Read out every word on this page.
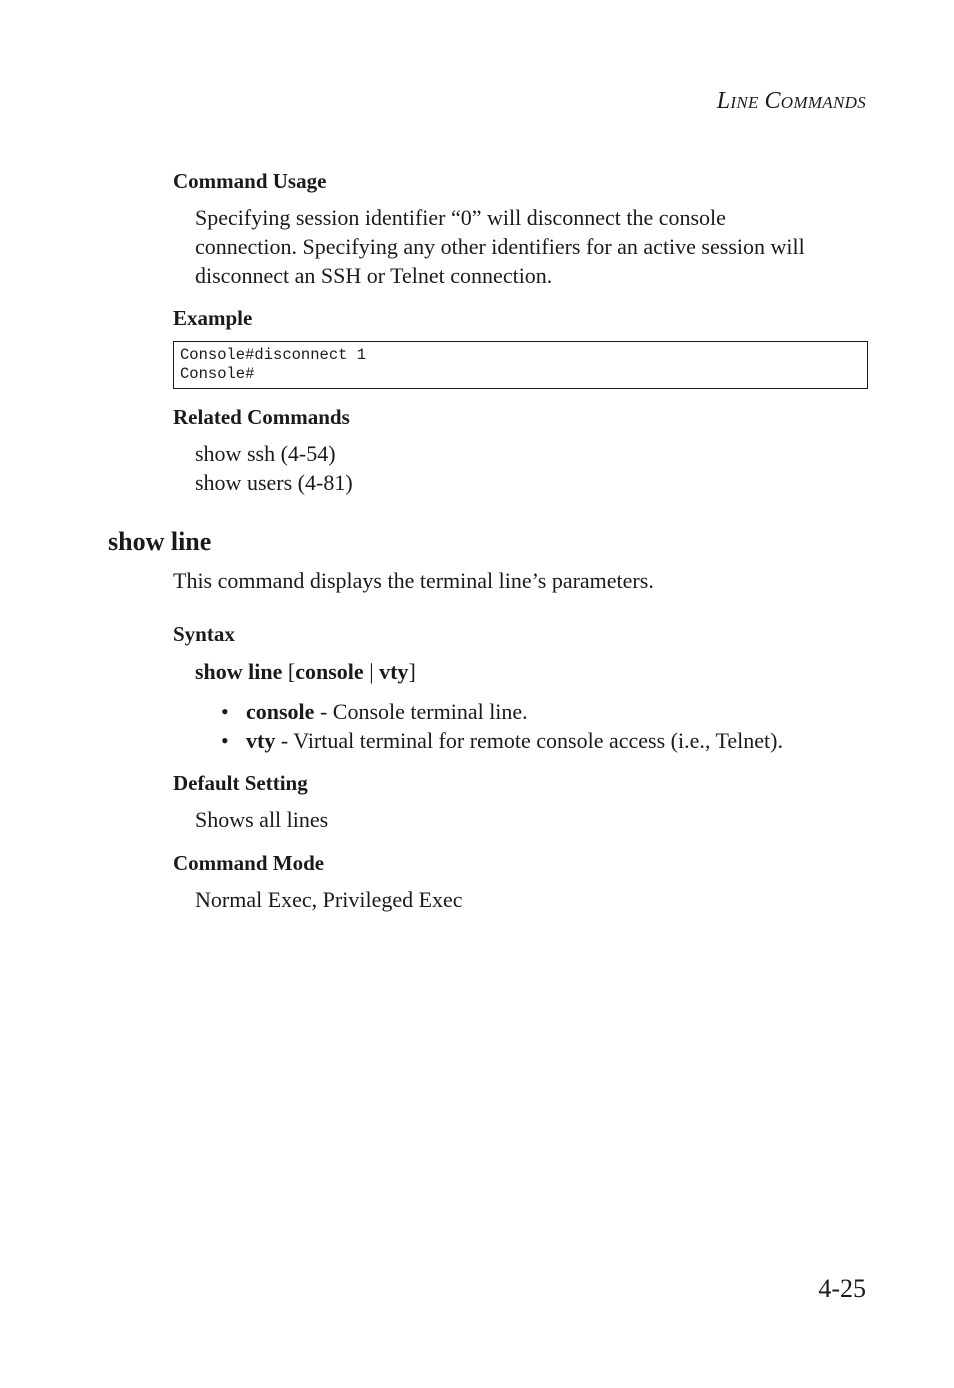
LINE COMMANDS
Command Usage
Specifying session identifier “0” will disconnect the console
connection. Specifying any other identifiers for an active session will
disconnect an SSH or Telnet connection.
Example
Console#disconnect 1
Console#
Related Commands
show ssh (4-54)
show users (4-81)
show line
This command displays the terminal line’s parameters.
Syntax
show line [console | vty]
• console - Console terminal line.
• vty - Virtual terminal for remote console access (i.e., Telnet).
Default Setting
Shows all lines
Command Mode
Normal Exec, Privileged Exec
4-25
